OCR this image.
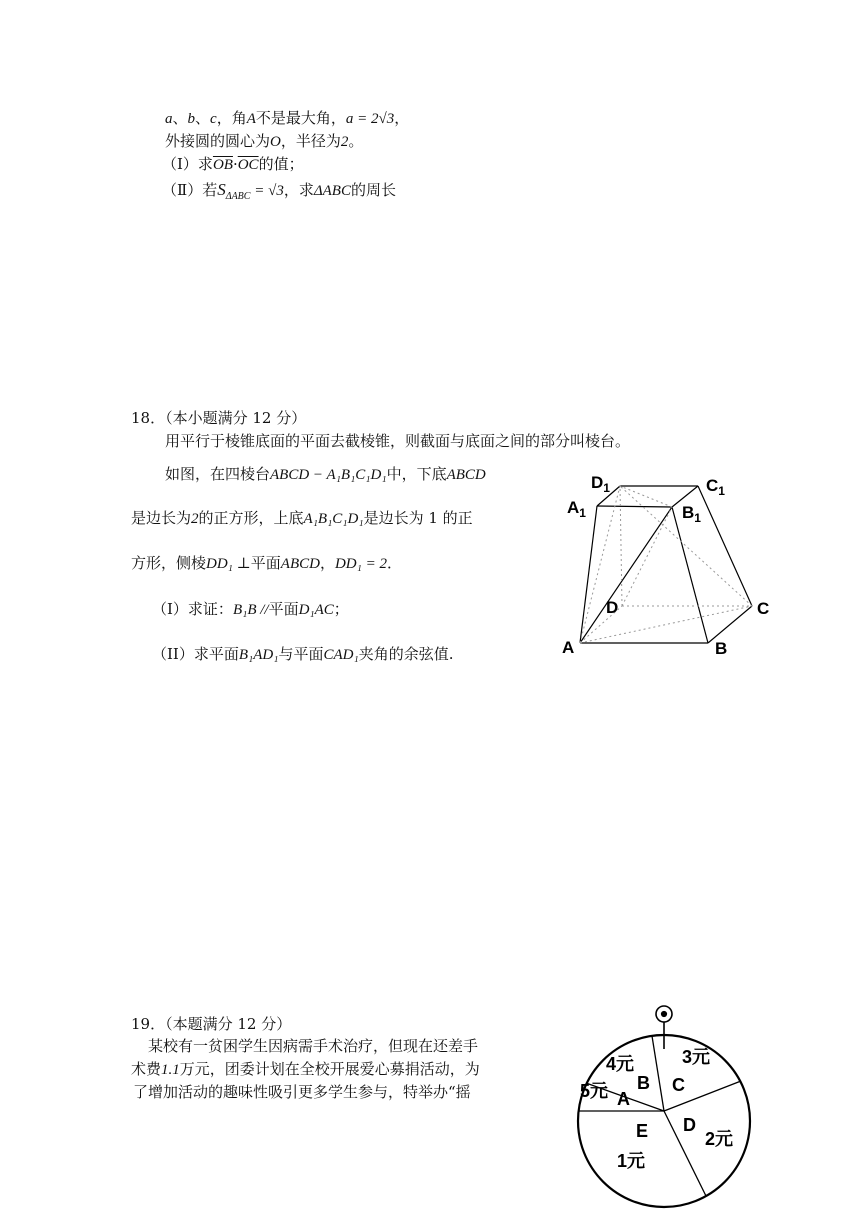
a、b、c，角A不是最大角，a = 2√3，
外接圆的圆心为O，半径为2。
（Ⅰ）求$\overline{OB}\cdot\overline{OC}$的值；
（Ⅱ）若$S_{\Delta ABC} = √3$，求ΔABC的周长
18．（本小题满分 12 分）
用平行于棱锥底面的平面去截棱锥，则截面与底面之间的部分叫棱台。
如图，在四棱台ABCD − A₁B₁C₁D₁中，下底ABCD
是边长为2的正方形，上底A₁B₁C₁D₁是边长为 1 的正
方形，侧棱DD₁ ⊥平面ABCD，DD₁ = 2．
（Ⅰ）求证：B₁B //平面D₁AC；
（II）求平面B₁AD₁与平面CAD₁夹角的余弦值.
$D_1$	$C_1$
$A_1$	$B_1$
D	C
A	B
19．（本题满分 12 分）
某校有一贫困学生因病需手术治疗，但现在还差手
术费1.1万元，团委计划在全校开展爱心募捐活动，为
了增加活动的趣味性吸引更多学生参与，特举办“摇	5元 A
4元
B
3元
C
D
2元
E
1元
